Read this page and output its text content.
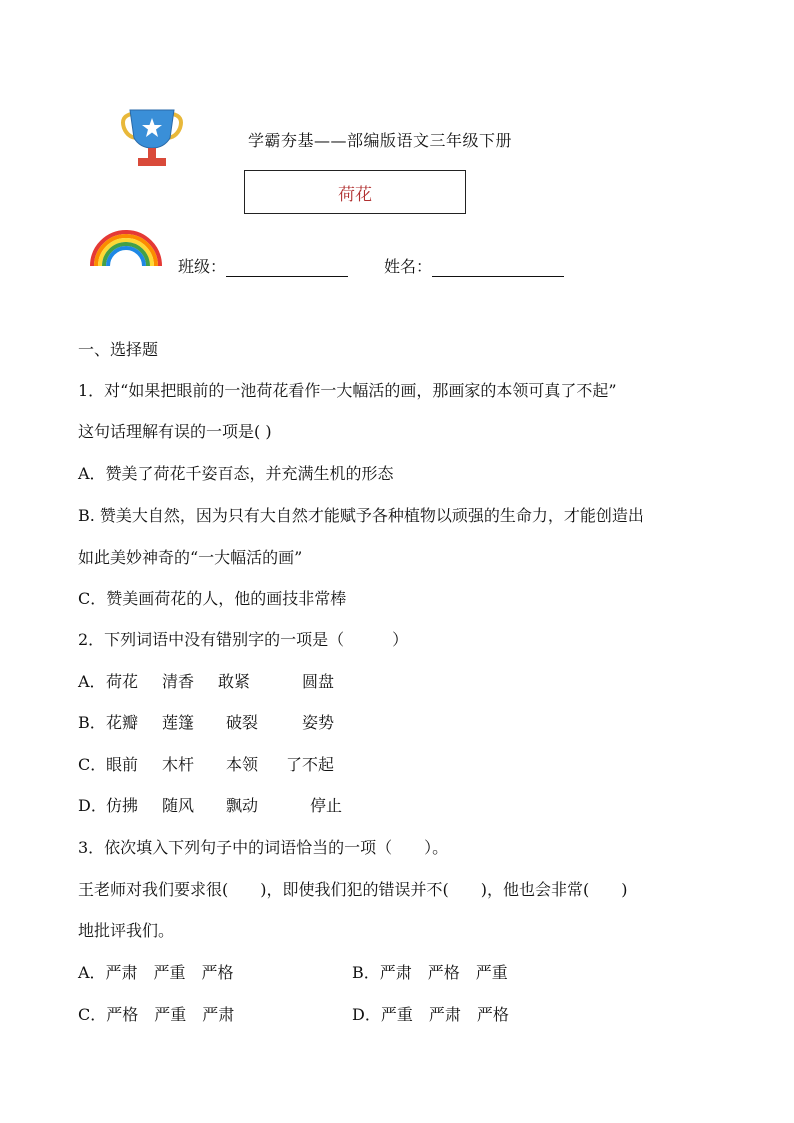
学霸夯基——部编版语文三年级下册
荷花
班级：	姓名：
一、选择题
1．对“如果把眼前的一池荷花看作一大幅活的画，那画家的本领可真了不起”
这句话理解有误的一项是( )
A．赞美了荷花千姿百态，并充满生机的形态
B. 赞美大自然，因为只有大自然才能赋予各种植物以顽强的生命力，才能创造出
如此美妙神奇的“一大幅活的画”
C．赞美画荷花的人，他的画技非常棒
2．下列词语中没有错别字的一项是（　　　）
A． 荷花 清香 敢紧	圆盘
B． 花瓣 莲篷 破裂	姿势
C． 眼前 木杆 本领 了不起
D． 仿拂 随风 飘动	停止
3．依次填入下列句子中的词语恰当的一项（　　）。
王老师对我们要求很(　　)，即使我们犯的错误并不(　　)，他也会非常(　　)
地批评我们。
A．严肃　严重　严格	B．严肃　严格　严重
C．严格　严重　严肃	D．严重　严肃　严格
